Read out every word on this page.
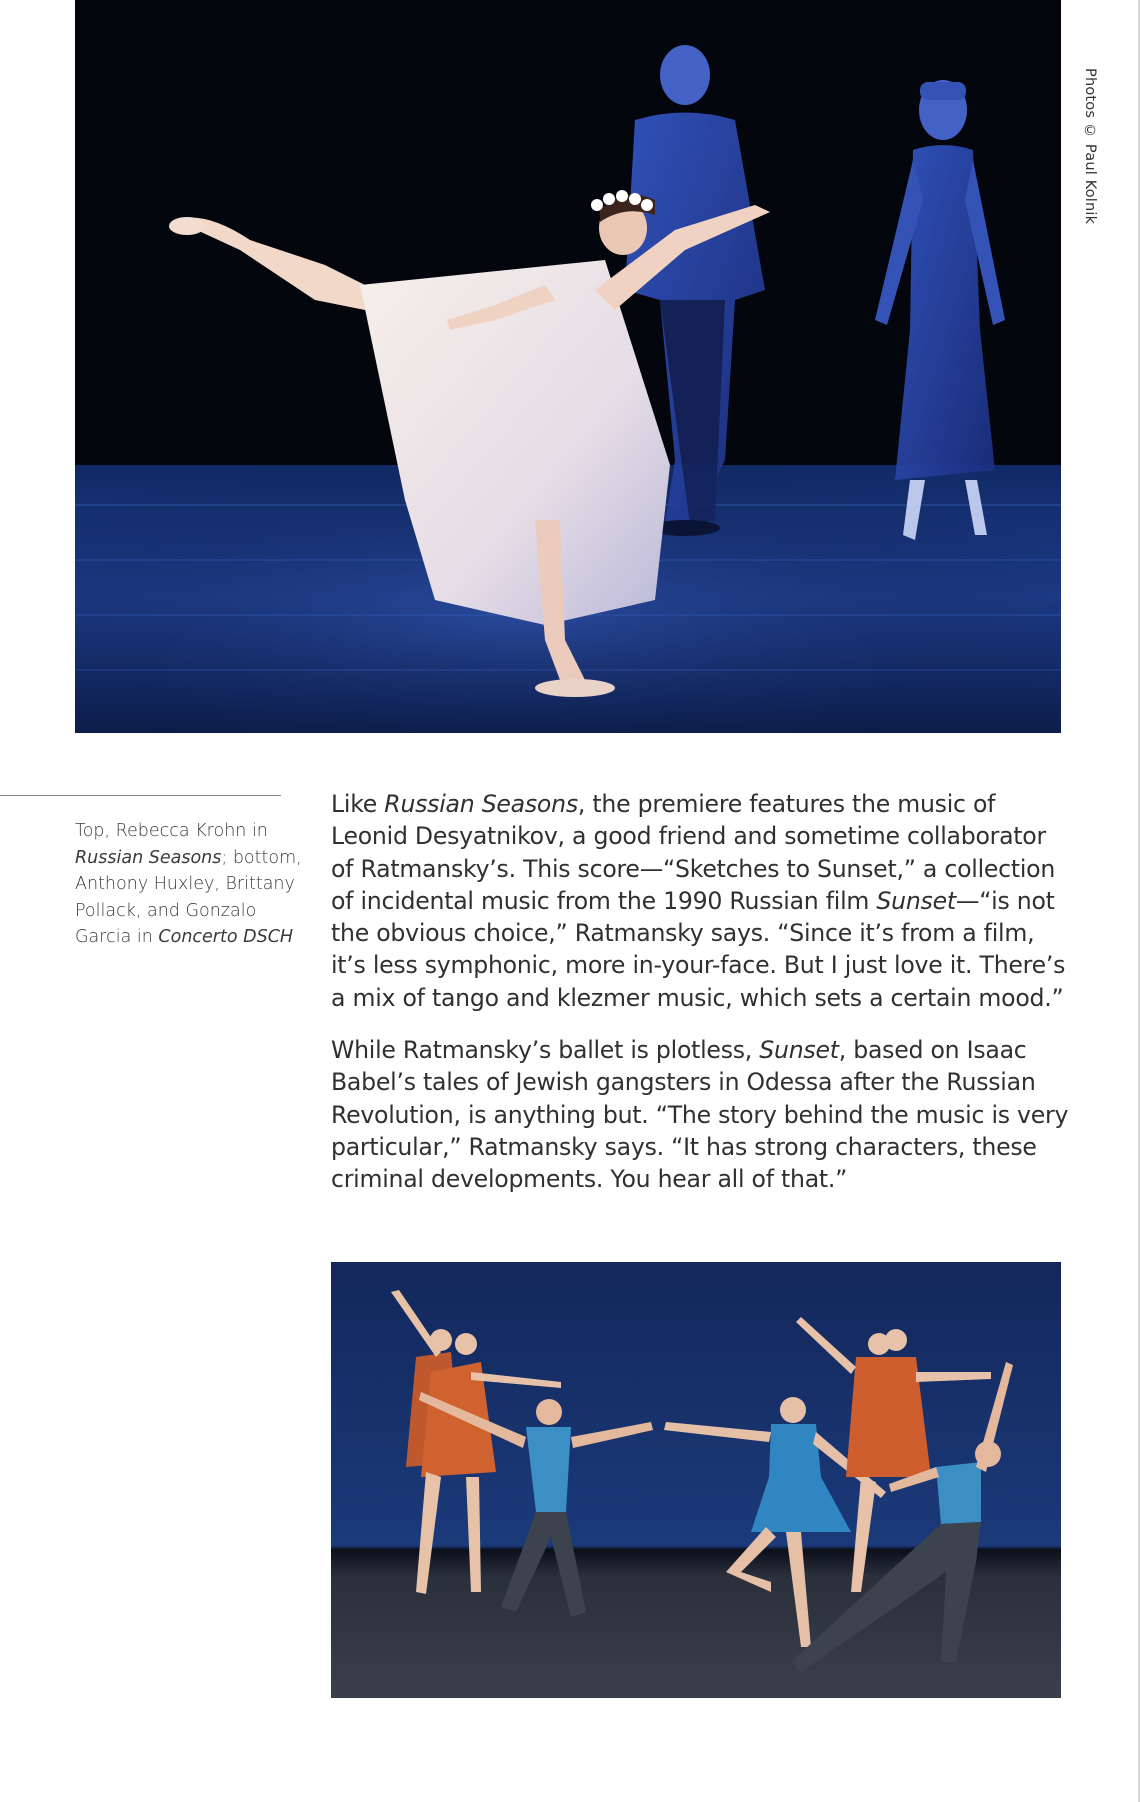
Photos © Paul Kolnik
Top, Rebecca Krohn in Russian Seasons; bottom, Anthony Huxley, Brittany Pollack, and Gonzalo Garcia in Concerto DSCH

Like Russian Seasons, the premiere features the music of Leonid Desyatnikov, a good friend and sometime collaborator of Ratmansky’s. This score—“Sketches to Sunset,” a collection of incidental music from the 1990 Russian film Sunset—“is not the obvious choice,” Ratmansky says. “Since it’s from a film, it’s less symphonic, more in-your-face. But I just love it. There’s a mix of tango and klezmer music, which sets a certain mood.”

While Ratmansky’s ballet is plotless, Sunset, based on Isaac Babel’s tales of Jewish gangsters in Odessa after the Russian Revolution, is anything but. “The story behind the music is very particular,” Ratmansky says. “It has strong characters, these criminal developments. You hear all of that.”
